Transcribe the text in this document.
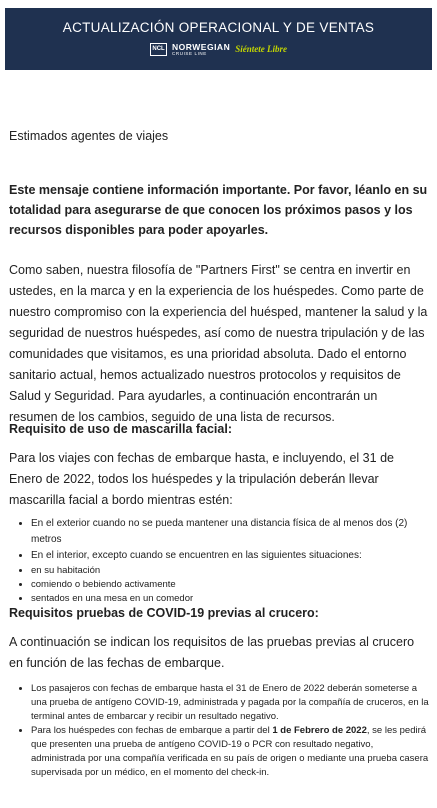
ACTUALIZACIÓN OPERACIONAL Y DE VENTAS
NCL NORWEGIAN
CRUISE LINE	Siéntete Libre

Estimados agentes de viajes

Este mensaje contiene información importante. Por favor, léanlo en su totalidad para asegurarse de que conocen los próximos pasos y los recursos disponibles para poder apoyarles.

Como saben, nuestra filosofía de "Partners First" se centra en invertir en ustedes, en la marca y en la experiencia de los huéspedes. Como parte de nuestro compromiso con la experiencia del huésped, mantener la salud y la seguridad de nuestros huéspedes, así como de nuestra tripulación y de las comunidades que visitamos, es una prioridad absoluta. Dado el entorno sanitario actual, hemos actualizado nuestros protocolos y requisitos de Salud y Seguridad. Para ayudarles, a continuación encontrarán un resumen de los cambios, seguido de una lista de recursos.

Requisito de uso de mascarilla facial:

Para los viajes con fechas de embarque hasta, e incluyendo, el 31 de Enero de 2022, todos los huéspedes y la tripulación deberán llevar mascarilla facial a bordo mientras estén:

• En el exterior cuando no se pueda mantener una distancia física de al menos dos (2) metros
• En el interior, excepto cuando se encuentren en las siguientes situaciones:
• en su habitación
• comiendo o bebiendo activamente
• sentados en una mesa en un comedor

Requisitos pruebas de COVID-19 previas al crucero:

A continuación se indican los requisitos de las pruebas previas al crucero en función de las fechas de embarque.

• Los pasajeros con fechas de embarque hasta el 31 de Enero de 2022 deberán someterse a una prueba de antígeno COVID-19, administrada y pagada por la compañía de cruceros, en la terminal antes de embarcar y recibir un resultado negativo.
• Para los huéspedes con fechas de embarque a partir del 1 de Febrero de 2022, se les pedirá que presenten una prueba de antígeno COVID-19 o PCR con resultado negativo, administrada por una compañía verificada en su país de origen o mediante una prueba casera supervisada por un médico, en el momento del check-in.
